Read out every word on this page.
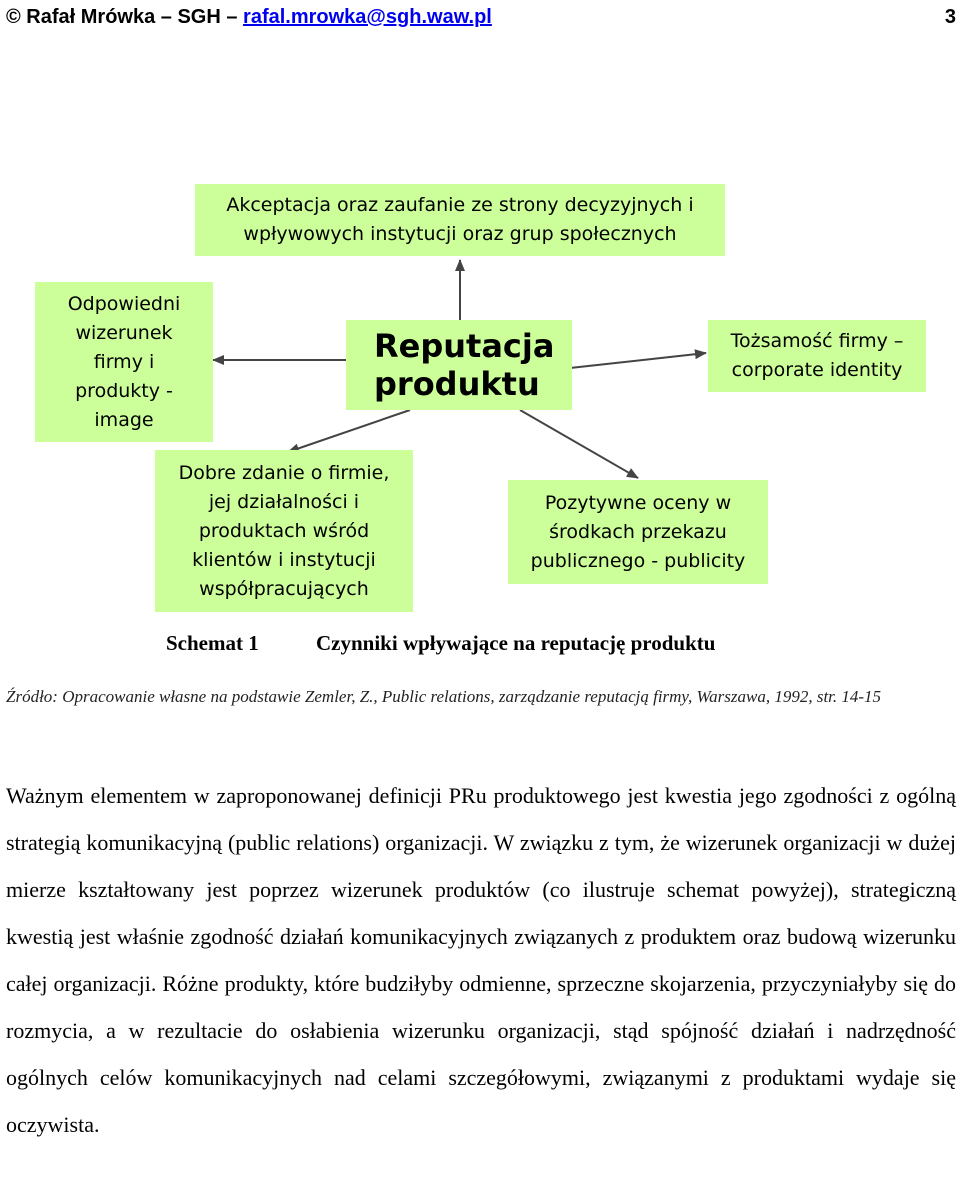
© Rafał Mrówka – SGH – rafal.mrowka@sgh.waw.pl	3
Akceptacja oraz zaufanie ze strony decyzyjnych i
wpływowych instytucji oraz grup społecznych
Odpowiedni
wizerunek
firmy i
produkty -
image
Reputacja
produktu
Tożsamość firmy –
corporate identity
Dobre zdanie o firmie,
jej działalności i
produktach wśród
klientów i instytucji
współpracujących
Pozytywne oceny w
środkach przekazu
publicznego - publicity
Schemat 1	Czynniki wpływające na reputację produktu
Źródło: Opracowanie własne na podstawie Zemler, Z., Public relations, zarządzanie reputacją firmy, Warszawa, 1992, str. 14-15

Ważnym elementem w zaproponowanej definicji PRu produktowego jest kwestia jego zgodności z ogólną strategią komunikacyjną (public relations) organizacji. W związku z tym, że wizerunek organizacji w dużej mierze kształtowany jest poprzez wizerunek produktów (co ilustruje schemat powyżej), strategiczną kwestią jest właśnie zgodność działań komunikacyjnych związanych z produktem oraz budową wizerunku całej organizacji. Różne produkty, które budziłyby odmienne, sprzeczne skojarzenia, przyczyniałyby się do rozmycia, a w rezultacie do osłabienia wizerunku organizacji, stąd spójność działań i nadrzędność ogólnych celów komunikacyjnych nad celami szczegółowymi, związanymi z produktami wydaje się oczywista.
